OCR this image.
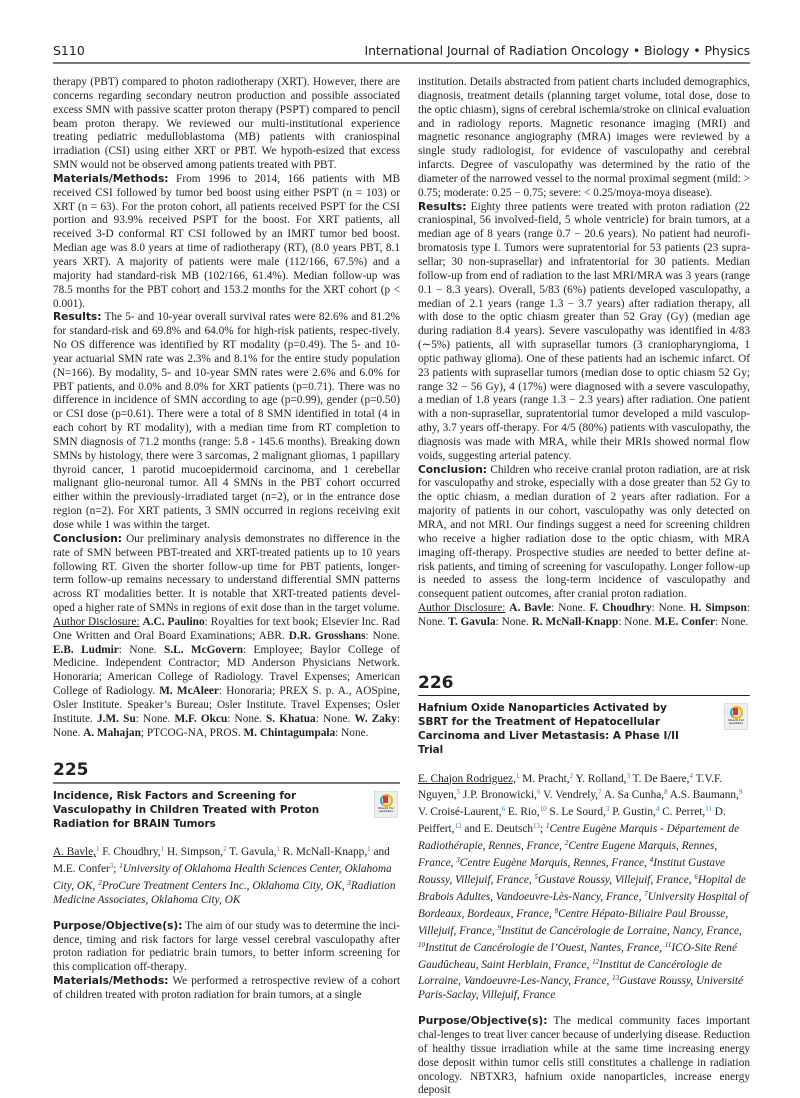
S110	International Journal of Radiation Oncology • Biology • Physics

therapy (PBT) compared to photon radiotherapy (XRT). However, there are concerns regarding secondary neutron production and possible associated excess SMN with passive scatter proton therapy (PSPT) compared to pencil beam proton therapy. We reviewed our multi-institutional experience treating pediatric medulloblastoma (MB) patients with craniospinal irradiation (CSI) using either XRT or PBT. We hypoth-esized that excess SMN would not be observed among patients treated with PBT.

Materials/Methods: From 1996 to 2014, 166 patients with MB received CSI followed by tumor bed boost using either PSPT (n = 103) or XRT (n = 63). For the proton cohort, all patients received PSPT for the CSI portion and 93.9% received PSPT for the boost. For XRT patients, all received 3-D conformal RT CSI followed by an IMRT tumor bed boost. Median age was 8.0 years at time of radiotherapy (RT), (8.0 years PBT, 8.1 years XRT). A majority of patients were male (112/166, 67.5%) and a majority had standard-risk MB (102/166, 61.4%). Median follow-up was 78.5 months for the PBT cohort and 153.2 months for the XRT cohort (p < 0.001).

Results: The 5- and 10-year overall survival rates were 82.6% and 81.2% for standard-risk and 69.8% and 64.0% for high-risk patients, respec-tively. No OS difference was identified by RT modality (p=0.49). The 5- and 10-year actuarial SMN rate was 2.3% and 8.1% for the entire study population (N=166). By modality, 5- and 10-year SMN rates were 2.6% and 6.0% for PBT patients, and 0.0% and 8.0% for XRT patients (p=0.71). There was no difference in incidence of SMN according to age (p=0.99), gender (p=0.50) or CSI dose (p=0.61). There were a total of 8 SMN identified in total (4 in each cohort by RT modality), with a median time from RT completion to SMN diagnosis of 71.2 months (range: 5.8 - 145.6 months). Breaking down SMNs by histology, there were 3 sarcomas, 2 malignant gliomas, 1 papillary thyroid cancer, 1 parotid mucoepidermoid carcinoma, and 1 cerebellar malignant glio-neuronal tumor. All 4 SMNs in the PBT cohort occurred either within the previously-irradiated target (n=2), or in the entrance dose region (n=2). For XRT patients, 3 SMN occurred in regions receiving exit dose while 1 was within the target.

Conclusion: Our preliminary analysis demonstrates no difference in the rate of SMN between PBT-treated and XRT-treated patients up to 10 years following RT. Given the shorter follow-up time for PBT patients, longer-term follow-up remains necessary to understand differential SMN patterns across RT modalities better. It is notable that XRT-treated patients devel-oped a higher rate of SMNs in regions of exit dose than in the target volume.

Author Disclosure: A.C. Paulino: Royalties for text book; Elsevier Inc. Rad One Written and Oral Board Examinations; ABR. D.R. Grosshans: None. E.B. Ludmir: None. S.L. McGovern: Employee; Baylor College of Medicine. Independent Contractor; MD Anderson Physicians Network. Honoraria; American College of Radiology. Travel Expenses; American College of Radiology. M. McAleer: Honoraria; PREX S. p. A., AOSpine, Osler Institute. Speaker’s Bureau; Osler Institute. Travel Expenses; Osler Institute. J.M. Su: None. M.F. Okcu: None. S. Khatua: None. W. Zaky: None. A. Mahajan; PTCOG-NA, PROS. M. Chintagumpala: None.

225
Incidence, Risk Factors and Screening for Vasculopathy in Children Treated with Proton Radiation for BRAIN Tumors
Check for updates
A. Bavle,$^1$ F. Choudhry,$^1$ H. Simpson,$^2$ T. Gavula,$^1$ R. McNall-Knapp,$^1$ and M.E. Confer$^3$; $^1$University of Oklahoma Health Sciences Center, Oklahoma City, OK, $^2$ProCure Treatment Centers Inc., Oklahoma City, OK, $^3$Radiation Medicine Associates, Oklahoma City, OK

Purpose/Objective(s): The aim of our study was to determine the inci-dence, timing and risk factors for large vessel cerebral vasculopathy after proton radiation for pediatric brain tumors, to better inform screening for this complication off-therapy.

Materials/Methods: We performed a retrospective review of a cohort of children treated with proton radiation for brain tumors, at a single

institution. Details abstracted from patient charts included demographics, diagnosis, treatment details (planning target volume, total dose, dose to the optic chiasm), signs of cerebral ischemia/stroke on clinical evaluation and in radiology reports. Magnetic resonance imaging (MRI) and magnetic resonance angiography (MRA) images were reviewed by a single study radiologist, for evidence of vasculopathy and cerebral infarcts. Degree of vasculopathy was determined by the ratio of the diameter of the narrowed vessel to the normal proximal segment (mild: > 0.75; moderate: 0.25 − 0.75; severe: < 0.25/moya-moya disease).

Results: Eighty three patients were treated with proton radiation (22 craniospinal, 56 involved-field, 5 whole ventricle) for brain tumors, at a median age of 8 years (range 0.7 − 20.6 years). No patient had neurofi-bromatosis type I. Tumors were supratentorial for 53 patients (23 supra-sellar; 30 non-suprasellar) and infratentorial for 30 patients. Median follow-up from end of radiation to the last MRI/MRA was 3 years (range 0.1 − 8.3 years). Overall, 5/83 (6%) patients developed vasculopathy, a median of 2.1 years (range 1.3 − 3.7 years) after radiation therapy, all with dose to the optic chiasm greater than 52 Gray (Gy) (median age during radiation 8.4 years). Severe vasculopathy was identified in 4/83 (∼5%) patients, all with suprasellar tumors (3 craniopharyngioma, 1 optic pathway glioma). One of these patients had an ischemic infarct. Of 23 patients with suprasellar tumors (median dose to optic chiasm 52 Gy; range 32 − 56 Gy), 4 (17%) were diagnosed with a severe vasculopathy, a median of 1.8 years (range 1.3 − 2.3 years) after radiation. One patient with a non-suprasellar, supratentorial tumor developed a mild vasculop-athy, 3.7 years off-therapy. For 4/5 (80%) patients with vasculopathy, the diagnosis was made with MRA, while their MRIs showed normal flow voids, suggesting arterial patency.

Conclusion: Children who receive cranial proton radiation, are at risk for vasculopathy and stroke, especially with a dose greater than 52 Gy to the optic chiasm, a median duration of 2 years after radiation. For a majority of patients in our cohort, vasculopathy was only detected on MRA, and not MRI. Our findings suggest a need for screening children who receive a higher radiation dose to the optic chiasm, with MRA imaging off-therapy. Prospective studies are needed to better define at-risk patients, and timing of screening for vasculopathy. Longer follow-up is needed to assess the long-term incidence of vasculopathy and consequent patient outcomes, after cranial proton radiation.

Author Disclosure: A. Bavle: None. F. Choudhry: None. H. Simpson: None. T. Gavula: None. R. McNall-Knapp: None. M.E. Confer: None.

226
Hafnium Oxide Nanoparticles Activated by SBRT for the Treatment of Hepatocellular Carcinoma and Liver Metastasis: A Phase I/II Trial
Check for updates
E. Chajon Rodriguez,$^1$ M. Pracht,$^2$ Y. Rolland,$^3$ T. De Baere,$^4$ T.V.F. Nguyen,$^5$ J.P. Bronowicki,$^6$ V. Vendrely,$^7$ A. Sa Cunha,$^8$ A.S. Baumann,$^9$ V. Croisé-Laurent,$^6$ E. Rio,$^{10}$ S. Le Sourd,$^3$ P. Gustin,$^4$ C. Perret,$^{11}$ D. Peiffert,$^{12}$ and E. Deutsch$^{13}$; $^1$Centre Eugène Marquis - Département de Radiothérapie, Rennes, France, $^2$Centre Eugene Marquis, Rennes, France, $^3$Centre Eugène Marquis, Rennes, France, $^4$Institut Gustave Roussy, Villejuif, France, $^5$Gustave Roussy, Villejuif, France, $^6$Hopital de Brabois Adultes, Vandoeuvre-Lès-Nancy, France, $^7$University Hospital of Bordeaux, Bordeaux, France, $^8$Centre Hépato-Biliaire Paul Brousse, Villejuif, France, $^9$Institut de Cancérologie de Lorraine, Nancy, France, $^{10}$Institut de Cancérologie de l’Ouest, Nantes, France, $^{11}$ICO-Site René Gaudûcheau, Saint Herblain, France, $^{12}$Institut de Cancérologie de Lorraine, Vandoeuvre-Les-Nancy, France, $^{13}$Gustave Roussy, Université Paris-Saclay, Villejuif, France

Purpose/Objective(s): The medical community faces important chal-lenges to treat liver cancer because of underlying disease. Reduction of healthy tissue irradiation while at the same time increasing energy dose deposit within tumor cells still constitutes a challenge in radiation oncology. NBTXR3, hafnium oxide nanoparticles, increase energy deposit
